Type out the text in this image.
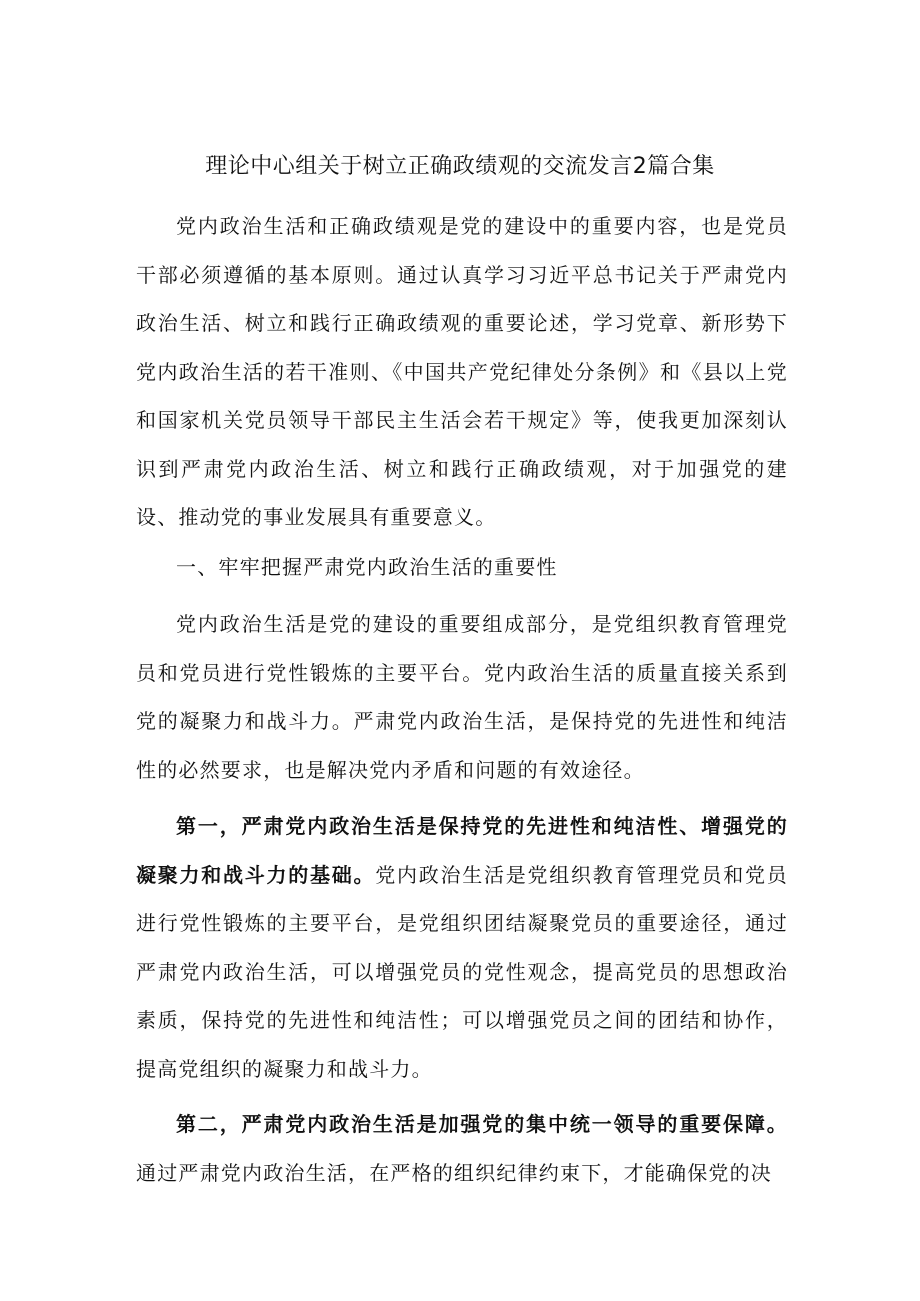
理论中心组关于树立正确政绩观的交流发言2篇合集

党内政治生活和正确政绩观是党的建设中的重要内容，也是党员干部必须遵循的基本原则。通过认真学习习近平总书记关于严肃党内政治生活、树立和践行正确政绩观的重要论述，学习党章、新形势下党内政治生活的若干准则、《中国共产党纪律处分条例》和《县以上党和国家机关党员领导干部民主生活会若干规定》等，使我更加深刻认识到严肃党内政治生活、树立和践行正确政绩观，对于加强党的建设、推动党的事业发展具有重要意义。

一、牢牢把握严肃党内政治生活的重要性

党内政治生活是党的建设的重要组成部分，是党组织教育管理党员和党员进行党性锻炼的主要平台。党内政治生活的质量直接关系到党的凝聚力和战斗力。严肃党内政治生活，是保持党的先进性和纯洁性的必然要求，也是解决党内矛盾和问题的有效途径。

第一，严肃党内政治生活是保持党的先进性和纯洁性、增强党的凝聚力和战斗力的基础。党内政治生活是党组织教育管理党员和党员进行党性锻炼的主要平台，是党组织团结凝聚党员的重要途径，通过严肃党内政治生活，可以增强党员的党性观念，提高党员的思想政治素质，保持党的先进性和纯洁性；可以增强党员之间的团结和协作，提高党组织的凝聚力和战斗力。

第二，严肃党内政治生活是加强党的集中统一领导的重要保障。通过严肃党内政治生活，在严格的组织纪律约束下，才能确保党的决
